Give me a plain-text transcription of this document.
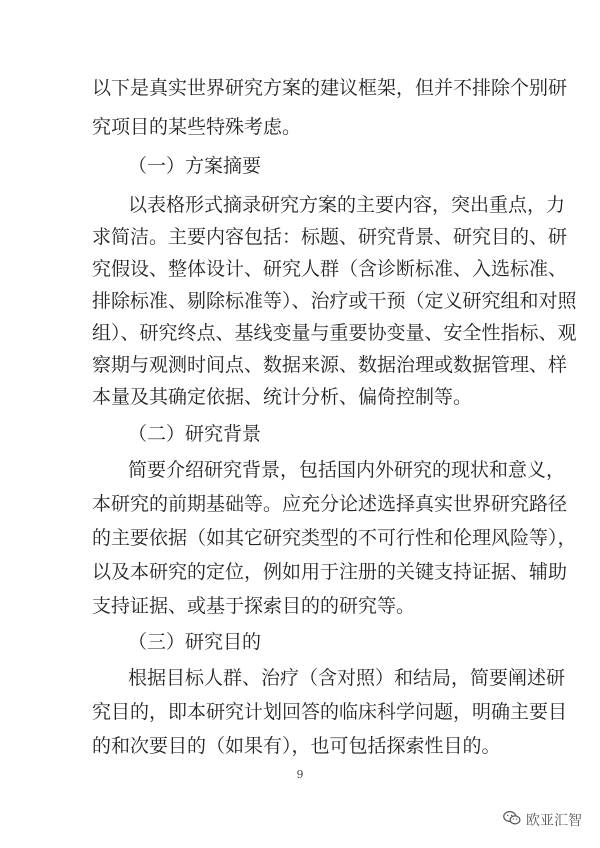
以下是真实世界研究方案的建议框架，但并不排除个别研
究项目的某些特殊考虑。
（一）方案摘要
以表格形式摘录研究方案的主要内容，突出重点，力
求简洁。主要内容包括：标题、研究背景、研究目的、研
究假设、整体设计、研究人群（含诊断标准、入选标准、
排除标准、剔除标准等）、治疗或干预（定义研究组和对照
组）、研究终点、基线变量与重要协变量、安全性指标、观
察期与观测时间点、数据来源、数据治理或数据管理、样
本量及其确定依据、统计分析、偏倚控制等。
（二）研究背景
简要介绍研究背景，包括国内外研究的现状和意义，
本研究的前期基础等。应充分论述选择真实世界研究路径
的主要依据（如其它研究类型的不可行性和伦理风险等），
以及本研究的定位，例如用于注册的关键支持证据、辅助
支持证据、或基于探索目的的研究等。
（三）研究目的
根据目标人群、治疗（含对照）和结局，简要阐述研
究目的，即本研究计划回答的临床科学问题，明确主要目
的和次要目的（如果有），也可包括探索性目的。
9
欧亚汇智
